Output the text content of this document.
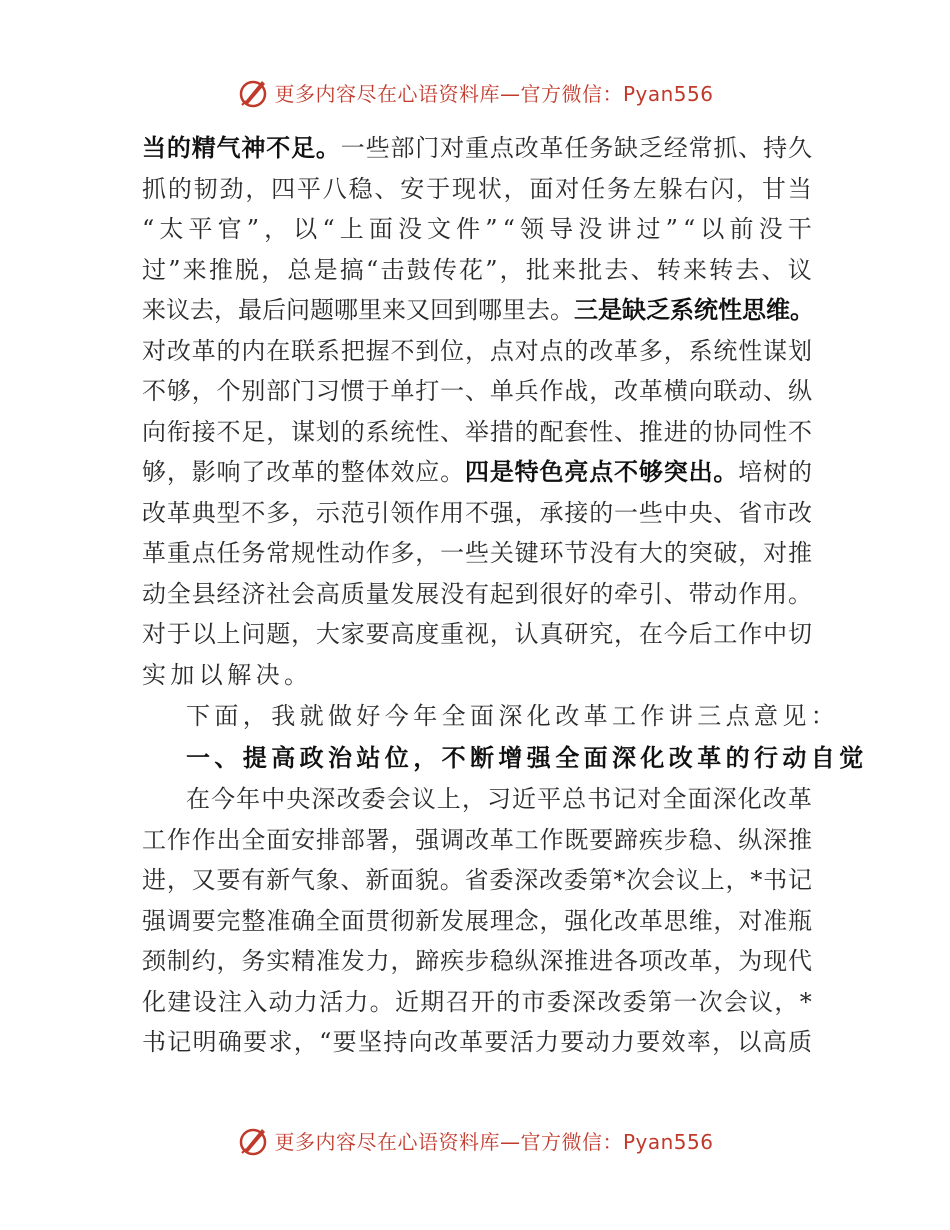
更多内容尽在心语资料库—官方微信：Pyan556
当 的 精 气 神 不 足 。 一 些 部 门 对 重 点 改 革 任 务 缺 乏 经 常 抓 、 持 久
抓 的 韧 劲 ， 四 平 八 稳 、 安 于 现 状 ， 面 对 任 务 左 躲 右 闪 ， 甘 当
“ 太 平 官 ” ， 以 “ 上 面 没 文 件 ” “ 领 导 没 讲 过 ” “ 以 前 没 干
过 ” 来 推 脱 ， 总 是 搞 “ 击 鼓 传 花 ” ， 批 来 批 去 、 转 来 转 去 、 议
来 议 去 ， 最 后 问 题 哪 里 来 又 回 到 哪 里 去 。 三 是 缺 乏 系 统 性 思 维 。
对 改 革 的 内 在 联 系 把 握 不 到 位 ， 点 对 点 的 改 革 多 ， 系 统 性 谋 划
不 够 ， 个 别 部 门 习 惯 于 单 打 一 、 单 兵 作 战 ， 改 革 横 向 联 动 、 纵
向 衔 接 不 足 ， 谋 划 的 系 统 性 、 举 措 的 配 套 性 、 推 进 的 协 同 性 不
够 ， 影 响 了 改 革 的 整 体 效 应 。 四 是 特 色 亮 点 不 够 突 出 。 培 树 的
改 革 典 型 不 多 ， 示 范 引 领 作 用 不 强 ， 承 接 的 一 些 中 央 、 省 市 改
革 重 点 任 务 常 规 性 动 作 多 ， 一 些 关 键 环 节 没 有 大 的 突 破 ， 对 推
动 全 县 经 济 社 会 高 质 量 发 展 没 有 起 到 很 好 的 牵 引 、 带 动 作 用 。
对 于 以 上 问 题 ， 大 家 要 高 度 重 视 ， 认 真 研 究 ， 在 今 后 工 作 中 切
实加以解决。
下面，我就做好今年全面深化改革工作讲三点意见：
一、提高政治站位，不断增强全面深化改革的行动自觉
在 今 年 中 央 深 改 委 会 议 上 ， 习 近 平 总 书 记 对 全 面 深 化 改 革
工 作 作 出 全 面 安 排 部 署 ， 强 调 改 革 工 作 既 要 蹄 疾 步 稳 、 纵 深 推
进 ， 又 要 有 新 气 象 、 新 面 貌 。 省 委 深 改 委 第 * 次 会 议 上 ， * 书 记
强 调 要 完 整 准 确 全 面 贯 彻 新 发 展 理 念 ， 强 化 改 革 思 维 ， 对 准 瓶
颈 制 约 ， 务 实 精 准 发 力 ， 蹄 疾 步 稳 纵 深 推 进 各 项 改 革 ， 为 现 代
化 建 设 注 入 动 力 活 力 。 近 期 召 开 的 市 委 深 改 委 第 一 次 会 议 ， *
书 记 明 确 要 求 ， “ 要 坚 持 向 改 革 要 活 力 要 动 力 要 效 率 ， 以 高 质
更多内容尽在心语资料库—官方微信：Pyan556
